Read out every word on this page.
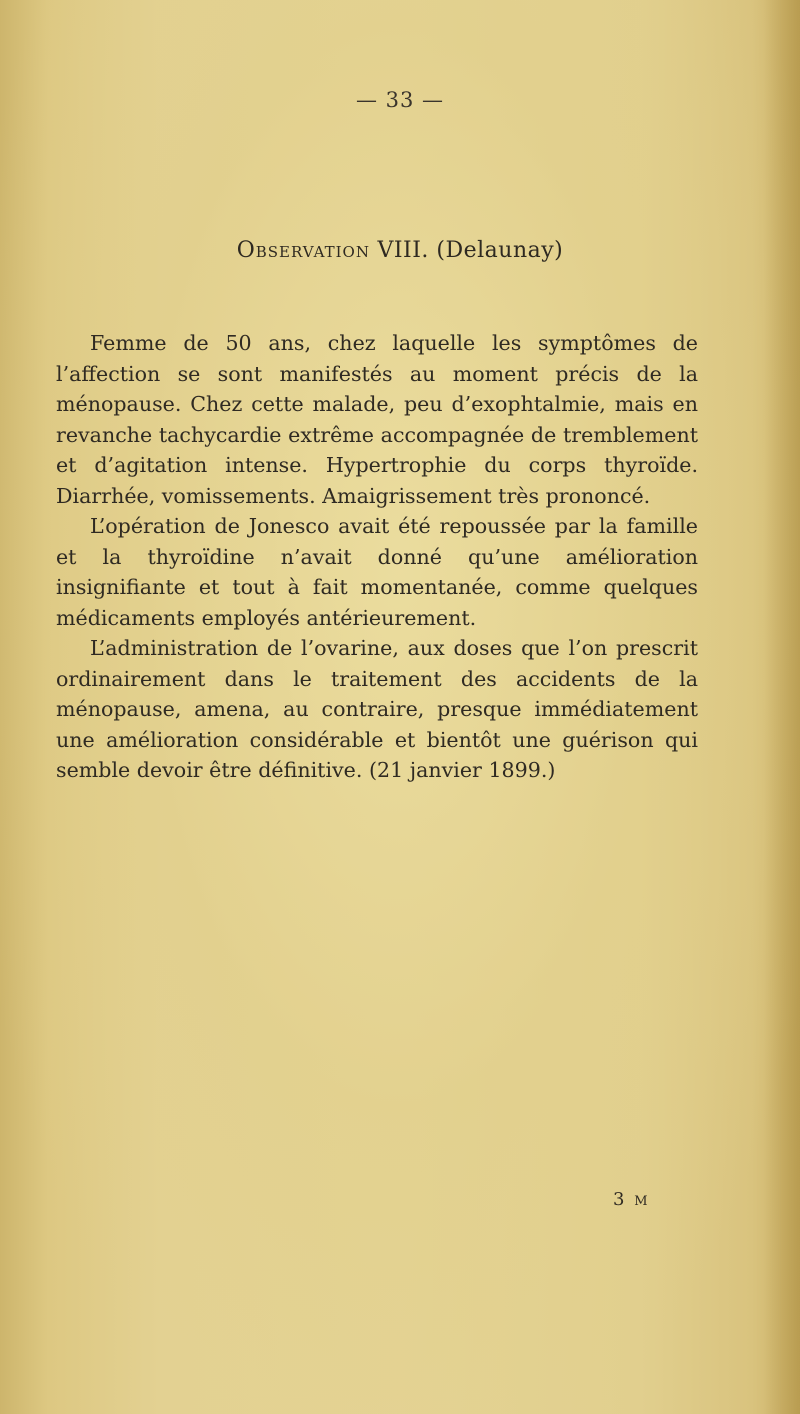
— 33 —
Observation VIII. (Delaunay)

Femme de 50 ans, chez laquelle les symptômes de l’affection se sont manifestés au moment précis de la ménopause. Chez cette malade, peu d’exophtalmie, mais en revanche tachycardie extrême accompagnée de tremblement et d’agitation intense. Hypertrophie du corps thyroïde. Diarrhée, vomissements. Amaigrissement très prononcé.

L’opération de Jonesco avait été repoussée par la famille et la thyroïdine n’avait donné qu’une amélioration insignifiante et tout à fait momentanée, comme quelques médicaments employés antérieurement.

L’administration de l’ovarine, aux doses que l’on prescrit ordinairement dans le traitement des accidents de la ménopause, amena, au contraire, presque immédiatement une amélioration considérable et bientôt une guérison qui semble devoir être définitive. (21 janvier 1899.)

3 M
